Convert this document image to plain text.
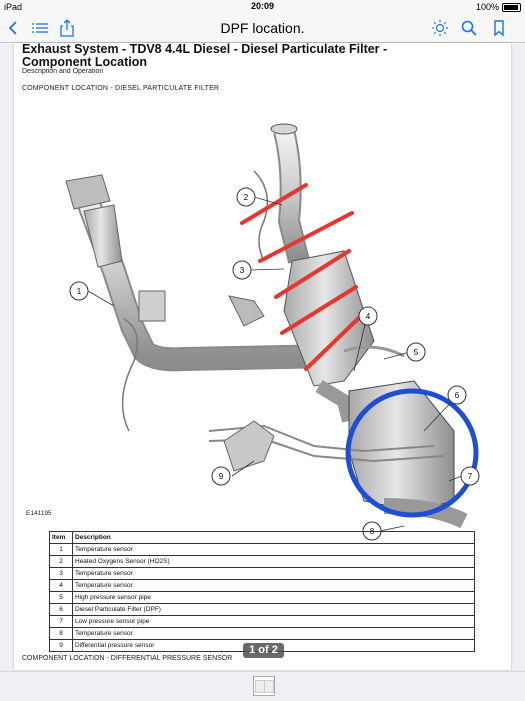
iPad	20:09	100%
DPF location.
Exhaust System - TDV8 4.4L Diesel - Diesel Particulate Filter - Component Location
Description and Operation
COMPONENT LOCATION - DIESEL PARTICULATE FILTER
1
2
3
4
5
6
7
8
9
E141195
Item	Description
1	Temperature sensor
2	Heated Oxygens Sensor (HO2S)
3	Temperature sensor
4	Temperature sensor
5	High pressure sensor pipe
6	Diesel Particulate Filter (DPF)
7	Low pressure sensor pipe
8	Temperature sensor
9	Differential pressure sensor
COMPONENT LOCATION - DIFFERENTIAL PRESSURE SENSOR
1 of 2
